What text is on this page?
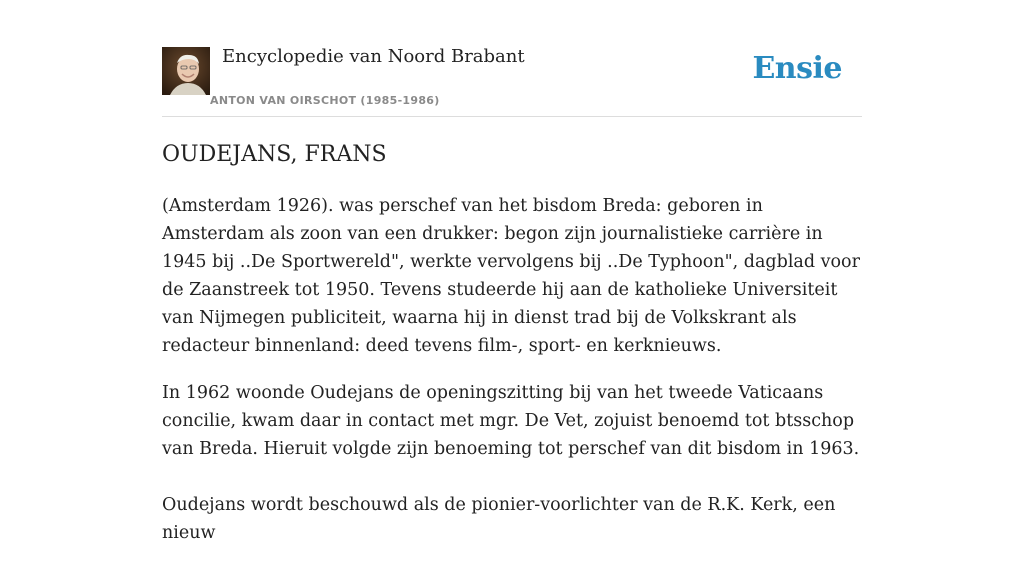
Encyclopedie van Noord Brabant
ANTON VAN OIRSCHOT (1985-1986)
Ensie
OUDEJANS, FRANS

(Amsterdam 1926). was perschef van het bisdom Breda: geboren in Amsterdam als zoon van een drukker: begon zijn journalistieke carrière in 1945 bij ..De Sportwereld", werkte vervolgens bij ..De Typhoon", dagblad voor de Zaanstreek tot 1950. Tevens studeerde hij aan de katholieke Universiteit van Nijmegen publiciteit, waarna hij in dienst trad bij de Volkskrant als redacteur binnenland: deed tevens film-, sport- en kerknieuws.

In 1962 woonde Oudejans de openingszitting bij van het tweede Vaticaans concilie, kwam daar in contact met mgr. De Vet, zojuist benoemd tot btsschop van Breda. Hieruit volgde zijn benoeming tot perschef van dit bisdom in 1963.

Oudejans wordt beschouwd als de pionier-voorlichter van de R.K. Kerk, een nieuw
